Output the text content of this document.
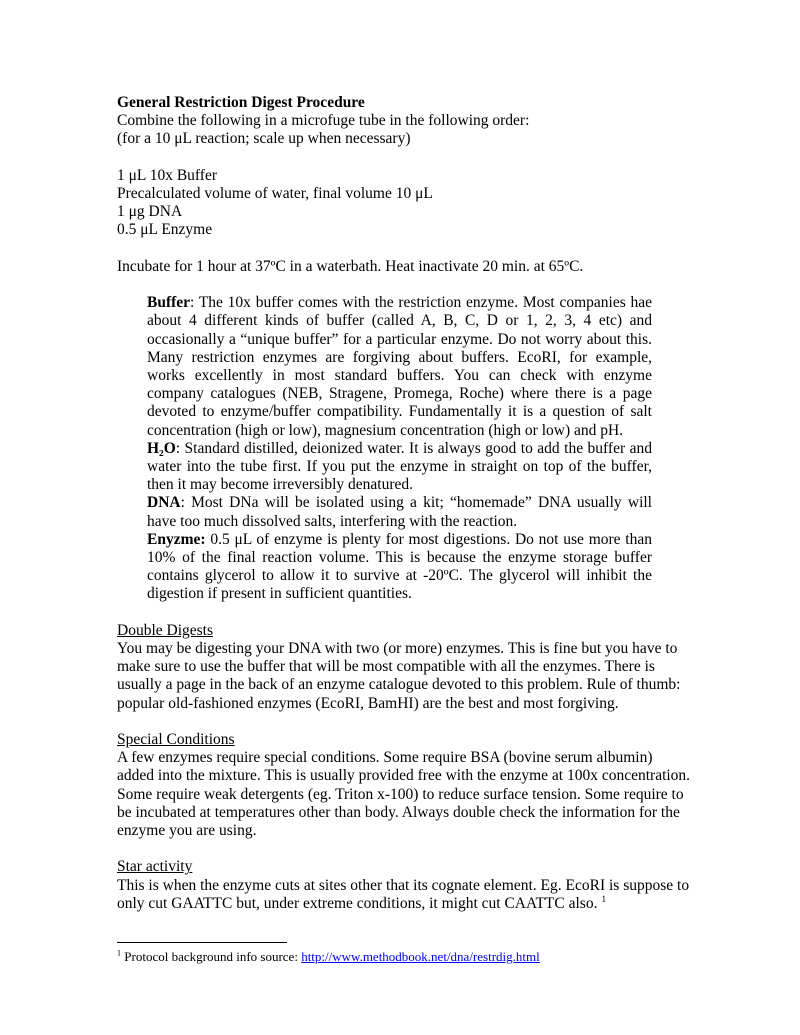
General Restriction Digest Procedure
Combine the following in a microfuge tube in the following order:
(for a 10 μL reaction; scale up when necessary)
1 μL 10x Buffer
Precalculated volume of water, final volume 10 μL
1 μg DNA
0.5 μL Enzyme
Incubate for 1 hour at 37ºC in a waterbath. Heat inactivate 20 min. at 65ºC.

Buffer: The 10x buffer comes with the restriction enzyme. Most companies hae about 4 different kinds of buffer (called A, B, C, D or 1, 2, 3, 4 etc) and occasionally a “unique buffer” for a particular enzyme. Do not worry about this. Many restriction enzymes are forgiving about buffers. EcoRI, for example, works excellently in most standard buffers. You can check with enzyme company catalogues (NEB, Stragene, Promega, Roche) where there is a page devoted to enzyme/buffer compatibility. Fundamentally it is a question of salt concentration (high or low), magnesium concentration (high or low) and pH.

H₂O: Standard distilled, deionized water. It is always good to add the buffer and water into the tube first. If you put the enzyme in straight on top of the buffer, then it may become irreversibly denatured.

DNA: Most DNa will be isolated using a kit; “homemade” DNA usually will have too much dissolved salts, interfering with the reaction.

Enyzme: 0.5 μL of enzyme is plenty for most digestions. Do not use more than 10% of the final reaction volume. This is because the enzyme storage buffer contains glycerol to allow it to survive at -20ºC. The glycerol will inhibit the digestion if present in sufficient quantities.

Double Digests

You may be digesting your DNA with two (or more) enzymes. This is fine but you have to make sure to use the buffer that will be most compatible with all the enzymes. There is usually a page in the back of an enzyme catalogue devoted to this problem. Rule of thumb: popular old-fashioned enzymes (EcoRI, BamHI) are the best and most forgiving.

Special Conditions

A few enzymes require special conditions. Some require BSA (bovine serum albumin) added into the mixture. This is usually provided free with the enzyme at 100x concentration. Some require weak detergents (eg. Triton x-100) to reduce surface tension. Some require to be incubated at temperatures other than body. Always double check the information for the enzyme you are using.

Star activity

This is when the enzyme cuts at sites other that its cognate element. Eg. EcoRI is suppose to only cut GAATTC but, under extreme conditions, it might cut CAATTC also. $^1$

$^1$ Protocol background info source: http://www.methodbook.net/dna/restrdig.html
